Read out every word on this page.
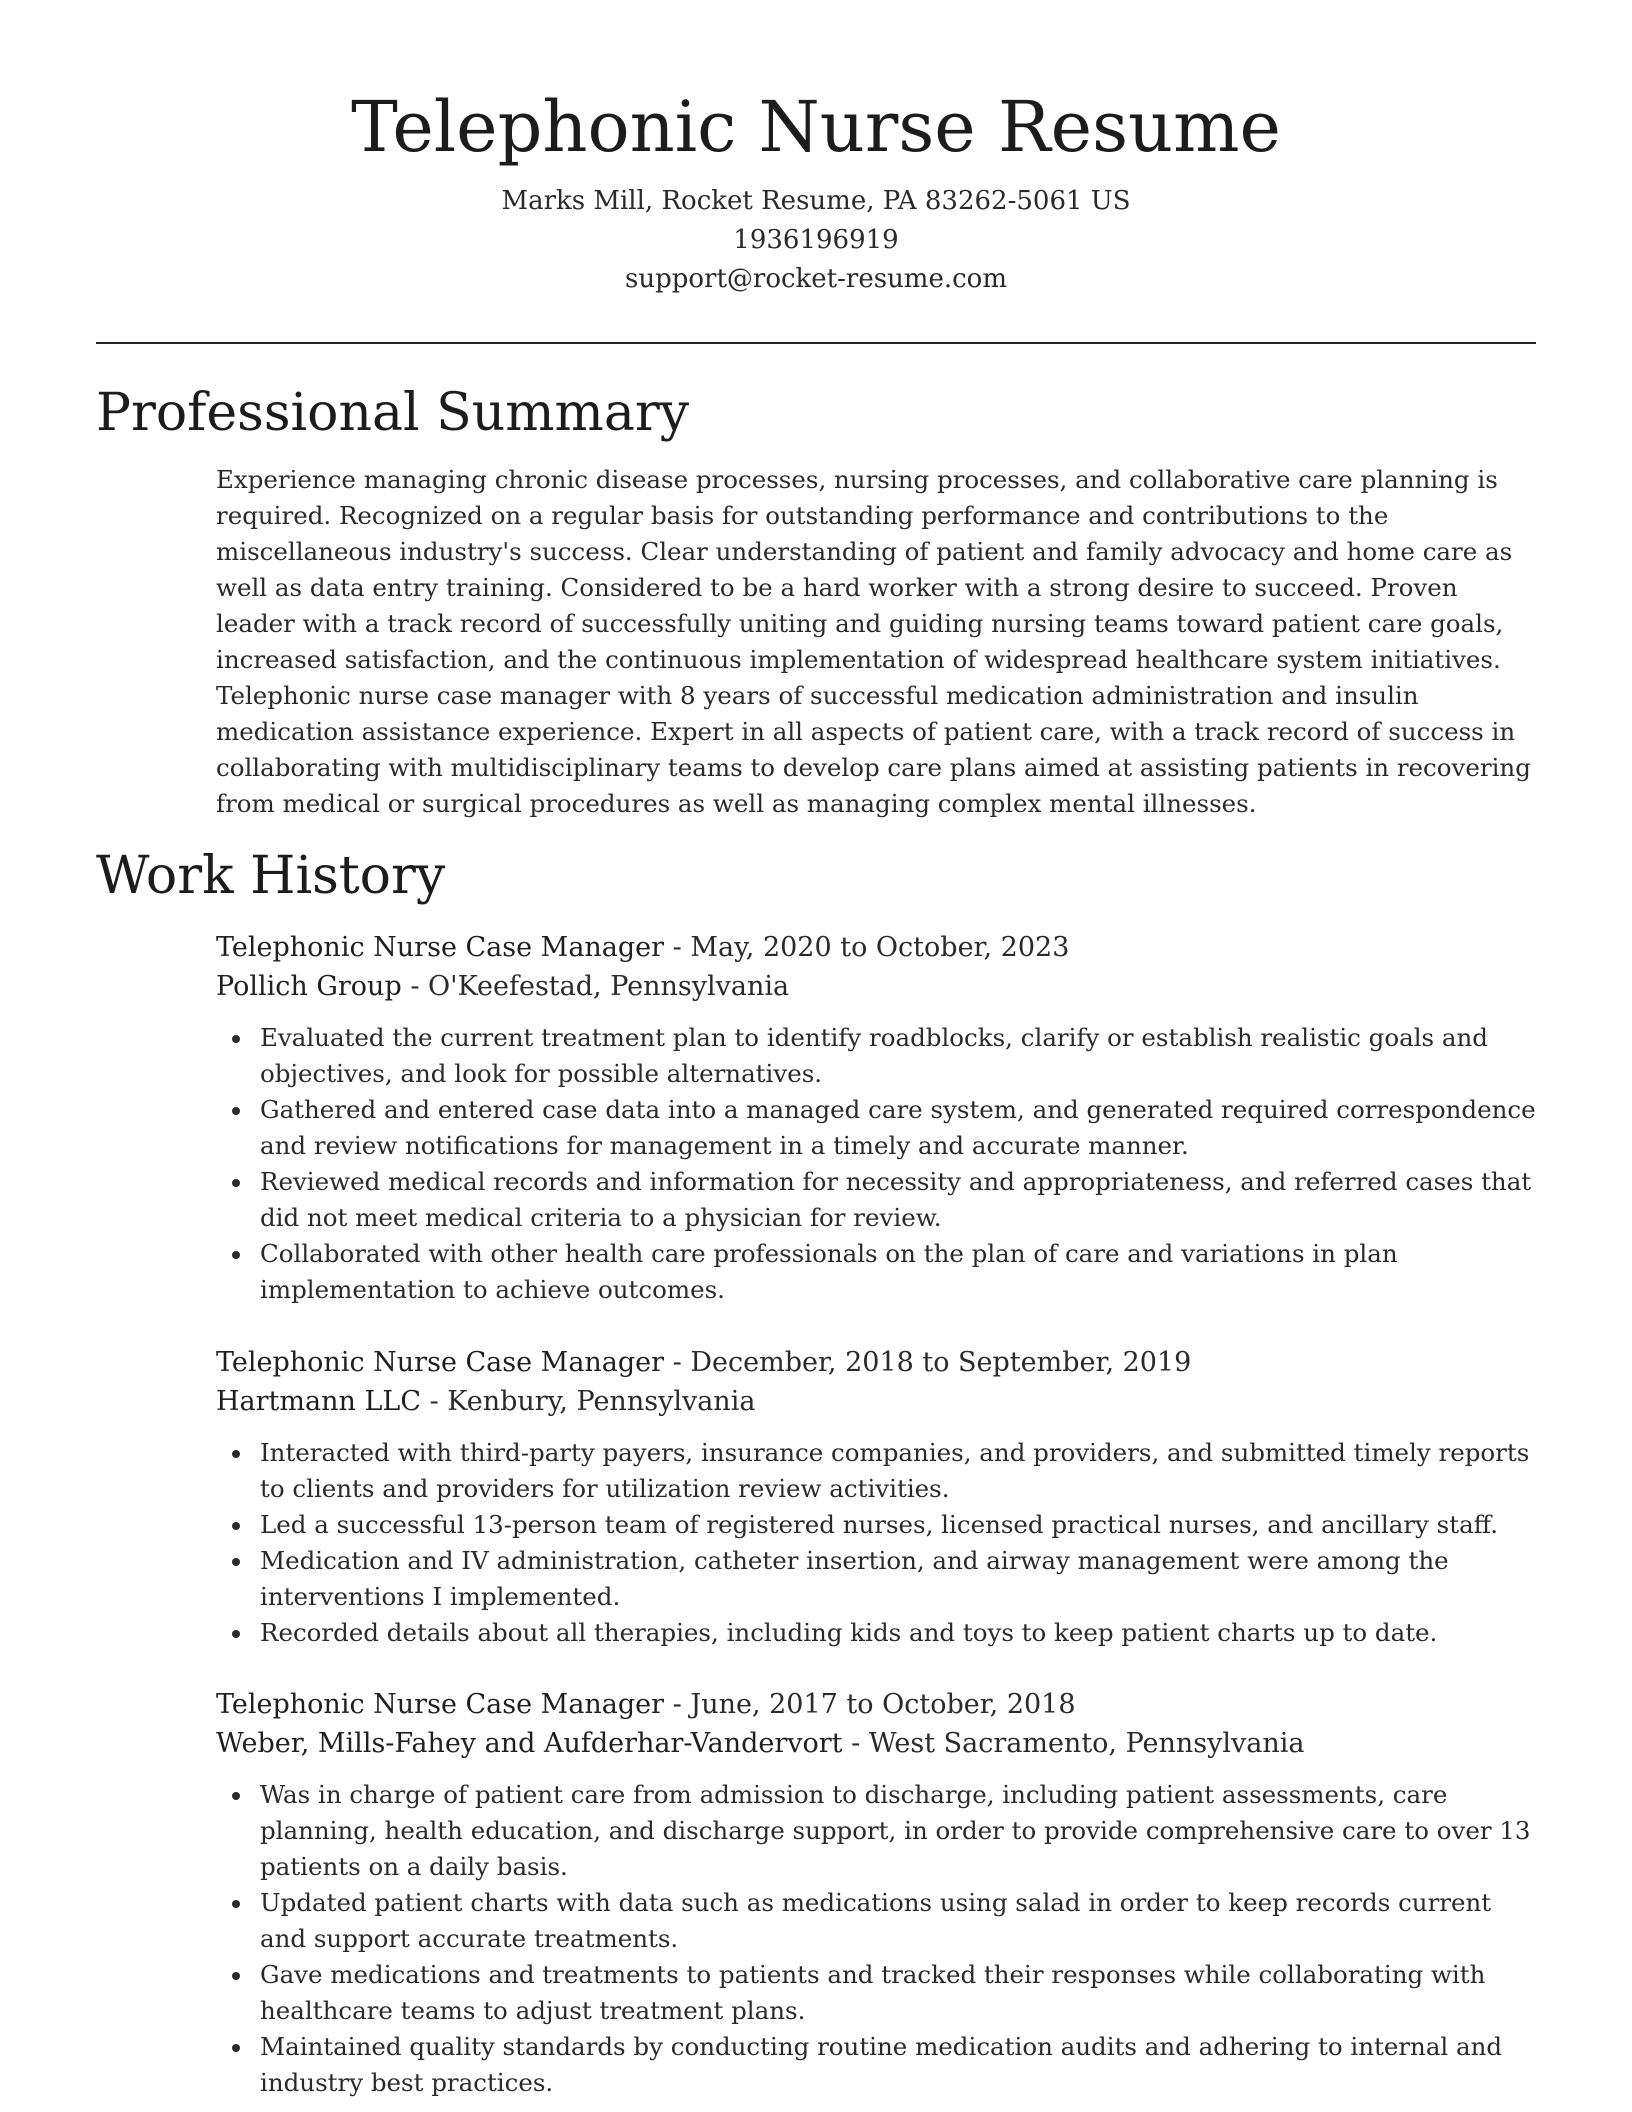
Telephonic Nurse Resume
Marks Mill, Rocket Resume, PA 83262-5061 US
1936196919
support@rocket-resume.com
Professional Summary

Experience managing chronic disease processes, nursing processes, and collaborative care planning is required. Recognized on a regular basis for outstanding performance and contributions to the miscellaneous industry's success. Clear understanding of patient and family advocacy and home care as well as data entry training. Considered to be a hard worker with a strong desire to succeed. Proven leader with a track record of successfully uniting and guiding nursing teams toward patient care goals, increased satisfaction, and the continuous implementation of widespread healthcare system initiatives. Telephonic nurse case manager with 8 years of successful medication administration and insulin medication assistance experience. Expert in all aspects of patient care, with a track record of success in collaborating with multidisciplinary teams to develop care plans aimed at assisting patients in recovering from medical or surgical procedures as well as managing complex mental illnesses.

Work History
Telephonic Nurse Case Manager - May, 2020 to October, 2023
Pollich Group - O'Keefestad, Pennsylvania
Evaluated the current treatment plan to identify roadblocks, clarify or establish realistic goals and objectives, and look for possible alternatives.
Gathered and entered case data into a managed care system, and generated required correspondence and review notifications for management in a timely and accurate manner.
Reviewed medical records and information for necessity and appropriateness, and referred cases that did not meet medical criteria to a physician for review.
Collaborated with other health care professionals on the plan of care and variations in plan implementation to achieve outcomes.
Telephonic Nurse Case Manager - December, 2018 to September, 2019
Hartmann LLC - Kenbury, Pennsylvania
Interacted with third-party payers, insurance companies, and providers, and submitted timely reports to clients and providers for utilization review activities.
Led a successful 13-person team of registered nurses, licensed practical nurses, and ancillary staff.
Medication and IV administration, catheter insertion, and airway management were among the interventions I implemented.
Recorded details about all therapies, including kids and toys to keep patient charts up to date.
Telephonic Nurse Case Manager - June, 2017 to October, 2018
Weber, Mills-Fahey and Aufderhar-Vandervort - West Sacramento, Pennsylvania
Was in charge of patient care from admission to discharge, including patient assessments, care planning, health education, and discharge support, in order to provide comprehensive care to over 13 patients on a daily basis.
Updated patient charts with data such as medications using salad in order to keep records current and support accurate treatments.
Gave medications and treatments to patients and tracked their responses while collaborating with healthcare teams to adjust treatment plans.
Maintained quality standards by conducting routine medication audits and adhering to internal and industry best practices.
